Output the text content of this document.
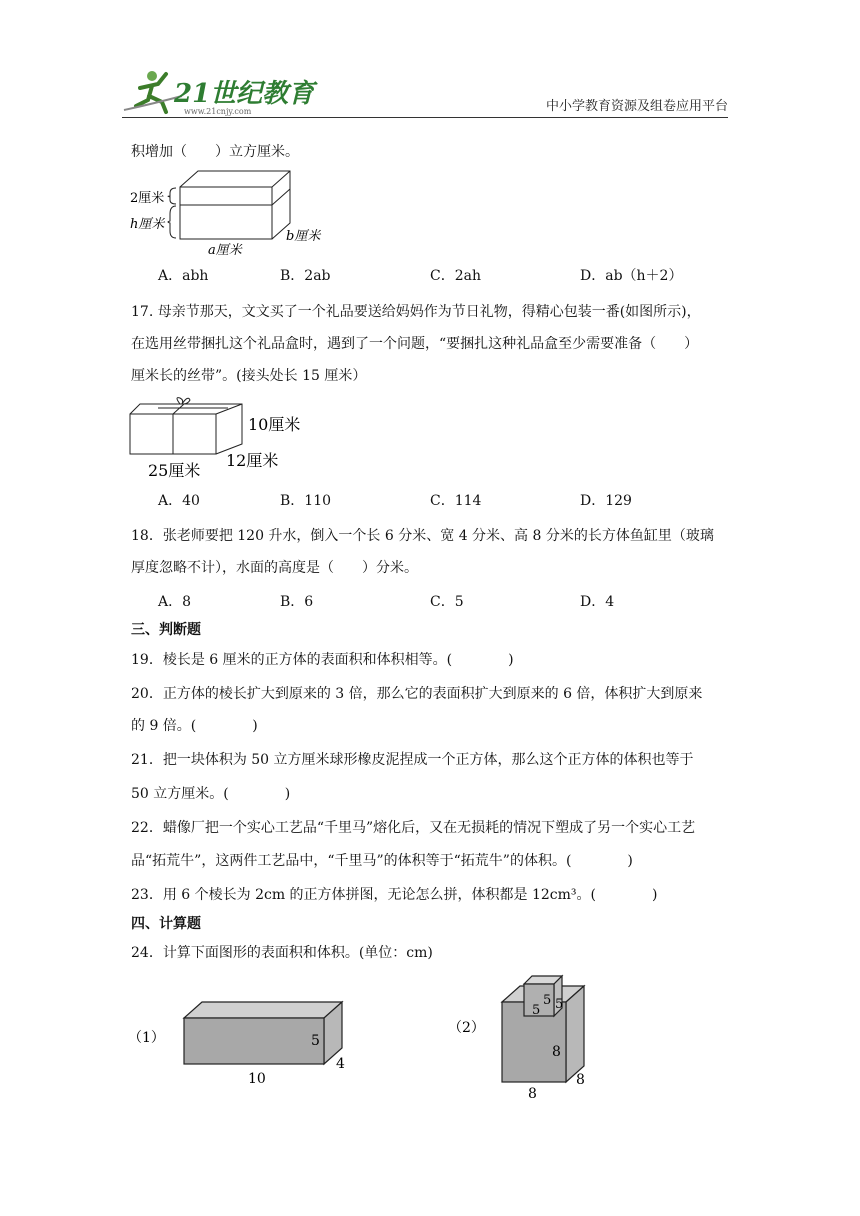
21世纪教育
www.21cnjy.com	中小学教育资源及组卷应用平台
积增加（　　）立方厘米。
2厘米
h厘米
a厘米
b厘米
A．abh	B．2ab	C．2ah	D．ab（h＋2）
17. 母亲节那天，文文买了一个礼品要送给妈妈作为节日礼物，得精心包装一番(如图所示)，
在选用丝带捆扎这个礼品盒时，遇到了一个问题，“要捆扎这种礼品盒至少需要准备（　　）
厘米长的丝带”。(接头处长 15 厘米）
10厘米
12厘米
25厘米
A．40	B．110	C．114	D．129
18．张老师要把 120 升水，倒入一个长 6 分米、宽 4 分米、高 8 分米的长方体鱼缸里（玻璃
厚度忽略不计），水面的高度是（　　）分米。
A．8	B．6	C．5	D．4
三、判断题
19．棱长是 6 厘米的正方体的表面积和体积相等。(　　　　)
20．正方体的棱长扩大到原来的 3 倍，那么它的表面积扩大到原来的 6 倍，体积扩大到原来
的 9 倍。(　　　　)
21．把一块体积为 50 立方厘米球形橡皮泥捏成一个正方体，那么这个正方体的体积也等于
50 立方厘米。(　　　　)
22．蜡像厂把一个实心工艺品“千里马”熔化后，又在无损耗的情况下塑成了另一个实心工艺
品“拓荒牛”，这两件工艺品中，“千里马”的体积等于“拓荒牛”的体积。(　　　　)
23．用 6 个棱长为 2cm 的正方体拼图，无论怎么拼，体积都是 12cm³。(　　　　)
四、计算题
24．计算下面图形的表面积和体积。(单位：cm)
（1）	5
4
10
（2）
5
5 5
8
8
8
